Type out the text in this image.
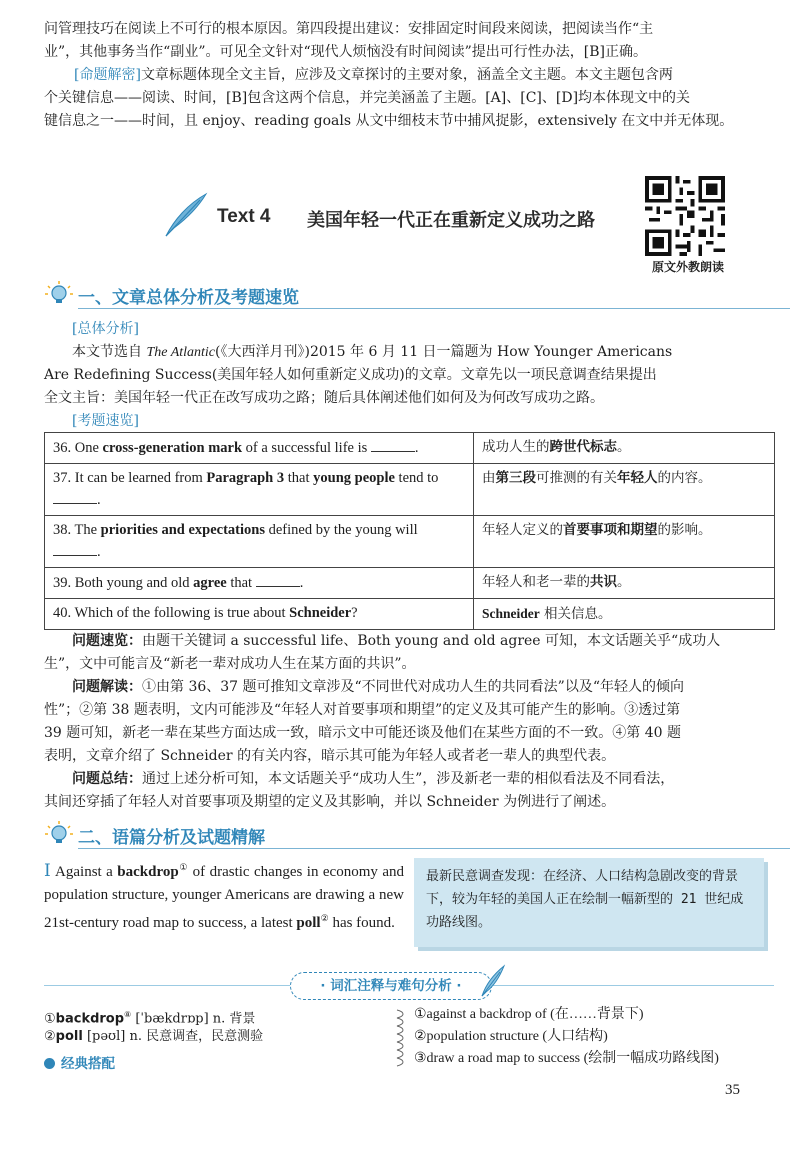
问管理技巧在阅读上不可行的根本原因。第四段提出建议：安排固定时间段来阅读，把阅读当作“主

业”，其他事务当作“副业”。可见全文针对“现代人烦恼没有时间阅读”提出可行性办法，[B]正确。

[命题解密]文章标题体现全文主旨，应涉及文章探讨的主要对象，涵盖全文主题。本文主题包含两

个关键信息——阅读、时间，[B]包含这两个信息，并完美涵盖了主题。[A]、[C]、[D]均本体现文中的关

键信息之一——时间，且 enjoy、reading goals 从文中细枝末节中捕风捉影，extensively 在文中并无体现。

Text 4 美国年轻一代正在重新定义成功之路
原文外教朗读
一、文章总体分析及考题速览

[总体分析]

本文节选自 The Atlantic(《大西洋月刊》)2015 年 6 月 11 日一篇题为 How Younger Americans

Are Redefining Success(美国年轻人如何重新定义成功)的文章。文章先以一项民意调查结果提出

全文主旨：美国年轻一代正在改写成功之路；随后具体阐述他们如何及为何改写成功之路。

[考题速览]

36. One cross-generation mark of a successful life is .	成功人生的跨世代标志。
37. It can be learned from Paragraph 3 that young people tend to .	由第三段可推测的有关年轻人的内容。
38. The priorities and expectations defined by the young will .	年轻人定义的首要事项和期望的影响。
39. Both young and old agree that .	年轻人和老一辈的共识。
40. Which of the following is true about Schneider?	Schneider 相关信息。

问题速览：由题干关键词 a successful life、Both young and old agree 可知，本文话题关乎“成功人

生”，文中可能言及“新老一辈对成功人生在某方面的共识”。

问题解读：①由第 36、37 题可推知文章涉及“不同世代对成功人生的共同看法”以及“年轻人的倾向

性”；②第 38 题表明，文内可能涉及“年轻人对首要事项和期望”的定义及其可能产生的影响。③透过第

39 题可知，新老一辈在某些方面达成一致，暗示文中可能还谈及他们在某些方面的不一致。④第 40 题

表明，文章介绍了 Schneider 的有关内容，暗示其可能为年轻人或者老一辈人的典型代表。

问题总结：通过上述分析可知，本文话题关乎“成功人生”，涉及新老一辈的相似看法及不同看法，

其间还穿插了年轻人对首要事项及期望的定义及其影响，并以 Schneider 为例进行了阐述。

二、语篇分析及试题精解
Ⅰ Against a backdrop① of drastic changes in economy and population structure, younger Americans are drawing a new 21st-century road map to success, a latest poll② has found.
最新民意调查发现：在经济、人口结构急剧改变的背景下，较为年轻的美国人正在绘制一幅新型的 21 世纪成功路线图。
· 词汇注释与难句分析 ·
①backdrop⑧ [ˈbækdrɒp] n. 背景
②poll [pəʊl] n. 民意调查，民意测验
①against a backdrop of (在……背景下)
②population structure (人口结构)
③draw a road map to success (绘制一幅成功路线图)
经典搭配
35
